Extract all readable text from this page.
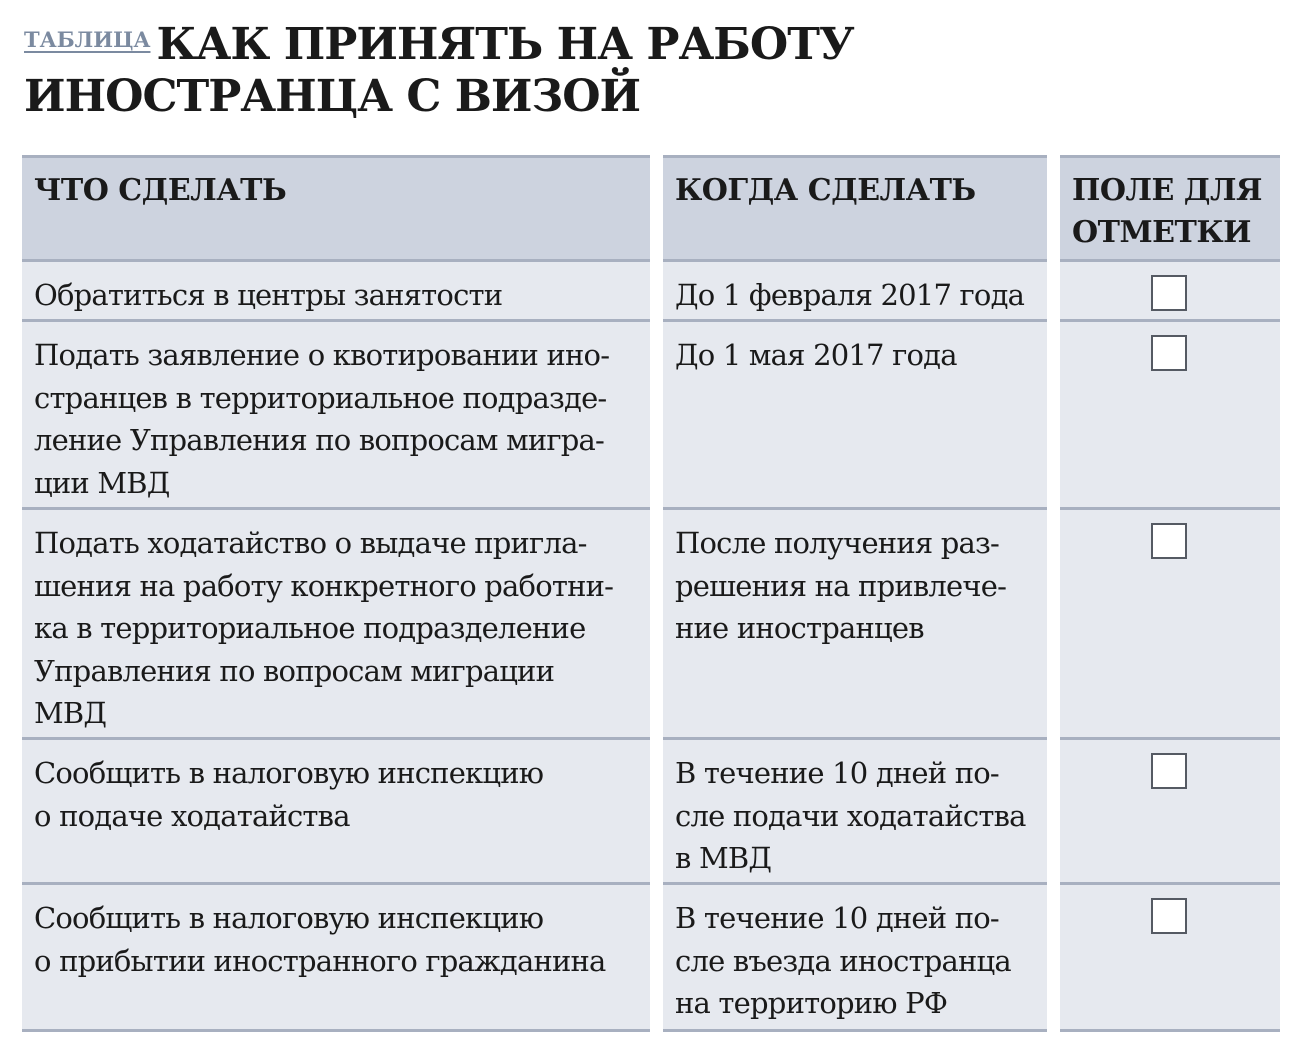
$^{ТАБЛИЦА}$ КАК ПРИНЯТЬ НА РАБОТУ
ИНОСТРАНЦА С ВИЗОЙ
ЧТО СДЕЛАТЬ
Обратиться в центры занятости
Подать заявление о квотировании ино-
странцев в территориальное подразде-
ление Управления по вопросам мигра-
ции МВД
Подать ходатайство о выдаче пригла-
шения на работу конкретного работни-
ка в территориальное подразделение
Управления по вопросам миграции
МВД
Сообщить в налоговую инспекцию
о подаче ходатайства
Сообщить в налоговую инспекцию
о прибытии иностранного гражданина
КОГДА СДЕЛАТЬ
До 1 февраля 2017 года
До 1 мая 2017 года
После получения раз-
решения на привлече-
ние иностранцев
В течение 10 дней по-
сле подачи ходатайства
в МВД
В течение 10 дней по-
сле въезда иностранца
на территорию РФ
ПОЛЕ ДЛЯ
ОТМЕТКИ
